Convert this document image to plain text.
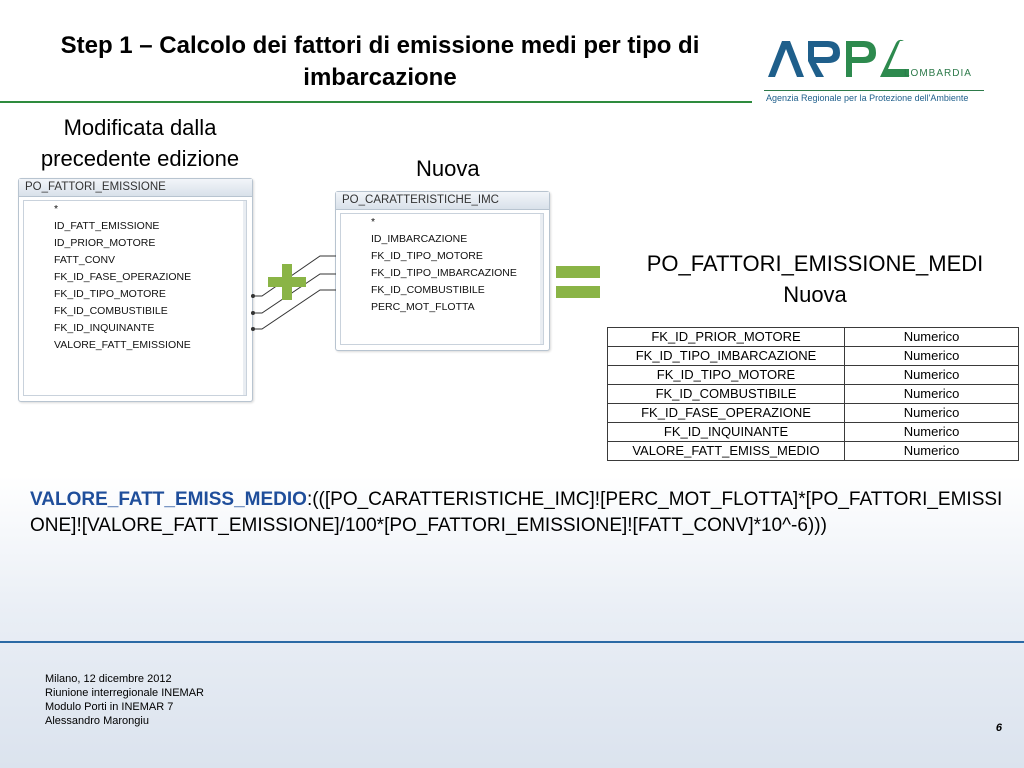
Step 1 – Calcolo dei fattori di emissione medi per tipo di imbarcazione	LOMBARDIA
Agenzia Regionale per la Protezione dell'Ambiente
Modificata dalla precedente edizione	Nuova
PO_FATTORI_EMISSIONE_MEDI
Nuova
PO_FATTORI_EMISSIONE
*
ID_FATT_EMISSIONE
ID_PRIOR_MOTORE
FATT_CONV
FK_ID_FASE_OPERAZIONE
FK_ID_TIPO_MOTORE
FK_ID_COMBUSTIBILE
FK_ID_INQUINANTE
VALORE_FATT_EMISSIONE
PO_CARATTERISTICHE_IMC
*
ID_IMBARCAZIONE
FK_ID_TIPO_MOTORE
FK_ID_TIPO_IMBARCAZIONE
FK_ID_COMBUSTIBILE
PERC_MOT_FLOTTA
FK_ID_PRIOR_MOTORE	Numerico
FK_ID_TIPO_IMBARCAZIONE	Numerico
FK_ID_TIPO_MOTORE	Numerico
FK_ID_COMBUSTIBILE	Numerico
FK_ID_FASE_OPERAZIONE	Numerico
FK_ID_INQUINANTE	Numerico
VALORE_FATT_EMISS_MEDIO	Numerico
VALORE_FATT_EMISS_MEDIO:(([PO_CARATTERISTICHE_IMC]![PERC_MOT_FLOTTA]*[PO_FATTORI_EMISSIONE]![VALORE_FATT_EMISSIONE]/100*[PO_FATTORI_EMISSIONE]![FATT_CONV]*10^-6)))
Milano, 12 dicembre 2012
Riunione interregionale INEMAR
Modulo Porti in INEMAR 7
Alessandro Marongiu
6
